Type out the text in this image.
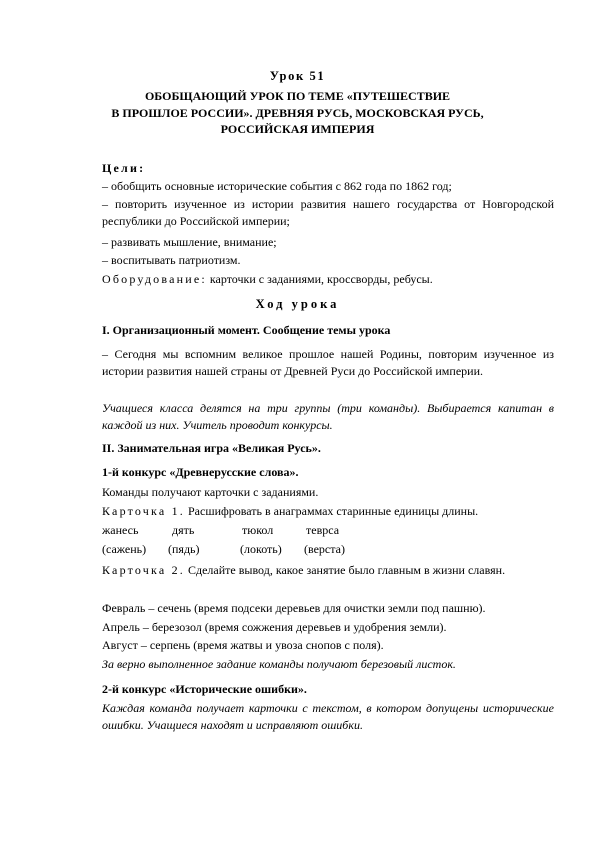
Урок 51
ОБОБЩАЮЩИЙ УРОК ПО ТЕМЕ «ПУТЕШЕСТВИЕ
В ПРОШЛОЕ РОССИИ». ДРЕВНЯЯ РУСЬ, МОСКОВСКАЯ РУСЬ,
РОССИЙСКАЯ ИМПЕРИЯ
Цели:
– обобщить основные исторические события с 862 года по 1862 год;
– повторить изученное из истории развития нашего государства от Новгородской республики до Российской империи;
– развивать мышление, внимание;
– воспитывать патриотизм.
Оборудование: карточки с заданиями, кроссворды, ребусы.
Ход урока
I. Организационный момент. Сообщение темы урока
– Сегодня мы вспомним великое прошлое нашей Родины, повторим изученное из истории развития нашей страны от Древней Руси до Российской империи.
Учащиеся класса делятся на три группы (три команды). Выбирается капитан в каждой из них. Учитель проводит конкурсы.
II. Занимательная игра «Великая Русь».
1-й конкурс «Древнерусские слова».
Команды получают карточки с заданиями.
Карточка 1. Расшифровать в анаграммах старинные единицы длины.
жанесь	дять	тюкол	теврса
(сажень) (пядь)	(локоть) (верста)
Карточка 2. Сделайте вывод, какое занятие было главным в жизни славян.
Февраль – сечень (время подсеки деревьев для очистки земли под пашню).
Апрель – березозол (время сожжения деревьев и удобрения земли).
Август – серпень (время жатвы и увоза снопов с поля).
За верно выполненное задание команды получают березовый листок.
2-й конкурс «Исторические ошибки».
Каждая команда получает карточки с текстом, в котором допущены исторические ошибки. Учащиеся находят и исправляют ошибки.
